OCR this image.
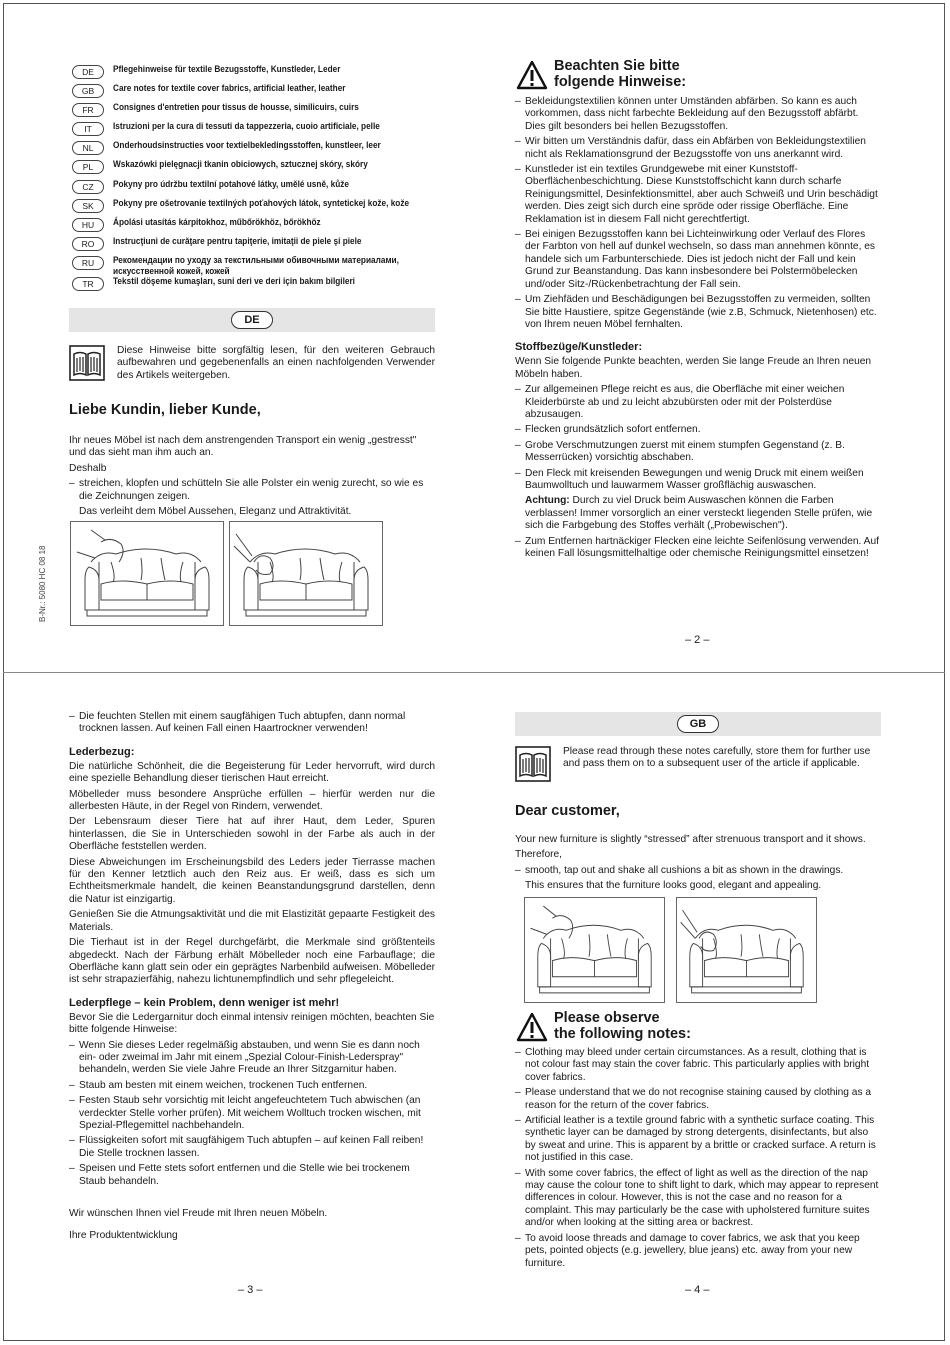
B-Nr.: 5080 HC 08 18
DE	Pflegehinweise für textile Bezugsstoffe, Kunstleder, Leder
GB	Care notes for textile cover fabrics, artificial leather, leather
FR	Consignes d'entretien pour tissus de housse, similicuirs, cuirs
IT	Istruzioni per la cura di tessuti da tappezzeria, cuoio artificiale, pelle
NL	Onderhoudsinstructies voor textielbekledingsstoffen, kunstleer, leer
PL	Wskazówki pielęgnacji tkanin obiciowych, sztucznej skóry, skóry
CZ	Pokyny pro údržbu textilní potahové látky, umělé usně, kůže
SK	Pokyny pre ošetrovanie textilných poťahových látok, syntetickej kože, kože
HU	Ápolási utasítás kárpitokhoz, műbőrökhöz, bőrökhöz
RO	Instrucţiuni de curăţare pentru tapiţerie, imitaţii de piele şi piele
RU	Рекомендации по уходу за текстильными обивочными материалами, искусственной кожей, кожей
TR	Tekstil döşeme kumaşları, suni deri ve deri için bakım bilgileri
DE
Diese Hinweise bitte sorgfältig lesen, für den weiteren Gebrauch aufbewahren und gegebenenfalls an einen nachfolgenden Verwender des Artikels weitergeben.

Liebe Kundin, lieber Kunde,

Ihr neues Möbel ist nach dem anstrengenden Transport ein wenig „gestresst" und das sieht man ihm auch an.

Deshalb

– streichen, klopfen und schütteln Sie alle Polster ein wenig zurecht, so wie es die Zeichnungen zeigen.
Das verleiht dem Möbel Aussehen, Eleganz und Attraktivität.
Beachten Sie bitte
folgende Hinweise:
– Bekleidungstextilien können unter Umständen abfärben. So kann es auch vorkommen, dass nicht farbechte Bekleidung auf den Bezugsstoff abfärbt. Dies gilt besonders bei hellen Bezugsstoffen.
– Wir bitten um Verständnis dafür, dass ein Abfärben von Bekleidungstextilien nicht als Reklamationsgrund der Bezugsstoffe von uns anerkannt wird.
– Kunstleder ist ein textiles Grundgewebe mit einer Kunststoff-Oberflächenbeschichtung. Diese Kunststoffschicht kann durch scharfe Reinigungsmittel, Desinfektionsmittel, aber auch Schweiß und Urin beschädigt werden. Dies zeigt sich durch eine spröde oder rissige Oberfläche. Eine Reklamation ist in diesem Fall nicht gerechtfertigt.
– Bei einigen Bezugsstoffen kann bei Lichteinwirkung oder Verlauf des Flores der Farbton von hell auf dunkel wechseln, so dass man annehmen könnte, es handele sich um Farbunterschiede. Dies ist jedoch nicht der Fall und kein Grund zur Beanstandung. Das kann insbesondere bei Polstermöbelecken und/oder Sitz-/Rückenbetrachtung der Fall sein.
– Um Ziehfäden und Beschädigungen bei Bezugsstoffen zu vermeiden, sollten Sie bitte Haustiere, spitze Gegenstände (wie z.B, Schmuck, Nietenhosen) etc. von Ihrem neuen Möbel fernhalten.

Stoffbezüge/Kunstleder:

Wenn Sie folgende Punkte beachten, werden Sie lange Freude an Ihren neuen Möbeln haben.

– Zur allgemeinen Pflege reicht es aus, die Oberfläche mit einer weichen Kleiderbürste ab und zu leicht abzubürsten oder mit der Polsterdüse abzusaugen.
– Flecken grundsätzlich sofort entfernen.
– Grobe Verschmutzungen zuerst mit einem stumpfen Gegenstand (z. B. Messerrücken) vorsichtig abschaben.
– Den Fleck mit kreisenden Bewegungen und wenig Druck mit einem weißen Baumwolltuch und lauwarmem Wasser großflächig auswaschen.
Achtung: Durch zu viel Druck beim Auswaschen können die Farben verblassen! Immer vorsorglich an einer versteckt liegenden Stelle prüfen, wie sich die Farbgebung des Stoffes verhält („Probewischen").
– Zum Entfernen hartnäckiger Flecken eine leichte Seifenlösung verwenden. Auf keinen Fall lösungsmittelhaltige oder chemische Reinigungsmittel einsetzen!
– 2 –
– Die feuchten Stellen mit einem saugfähigen Tuch abtupfen, dann normal trocknen lassen. Auf keinen Fall einen Haartrockner verwenden!

Lederbezug:

Die natürliche Schönheit, die die Begeisterung für Leder hervorruft, wird durch eine spezielle Behandlung dieser tierischen Haut erreicht.

Möbelleder muss besondere Ansprüche erfüllen – hierfür werden nur die allerbesten Häute, in der Regel von Rindern, verwendet.

Der Lebensraum dieser Tiere hat auf ihrer Haut, dem Leder, Spuren hinterlassen, die Sie in Unterschieden sowohl in der Farbe als auch in der Oberfläche feststellen werden.

Diese Abweichungen im Erscheinungsbild des Leders jeder Tierrasse machen für den Kenner letztlich auch den Reiz aus. Er weiß, dass es sich um Echtheitsmerkmale handelt, die keinen Beanstandungsgrund darstellen, denn die Natur ist einzigartig.

Genießen Sie die Atmungsaktivität und die mit Elastizität gepaarte Festigkeit des Materials.

Die Tierhaut ist in der Regel durchgefärbt, die Merkmale sind größtenteils abgedeckt. Nach der Färbung erhält Möbelleder noch eine Farbauflage; die Oberfläche kann glatt sein oder ein geprägtes Narbenbild aufweisen. Möbelleder ist sehr strapazierfähig, nahezu lichtunempfindlich und sehr pflegeleicht.

Lederpflege – kein Problem, denn weniger ist mehr!

Bevor Sie die Ledergarnitur doch einmal intensiv reinigen möchten, beachten Sie bitte folgende Hinweise:

– Wenn Sie dieses Leder regelmäßig abstauben, und wenn Sie es dann noch ein- oder zweimal im Jahr mit einem „Spezial Colour-Finish-Lederspray" behandeln, werden Sie viele Jahre Freude an Ihrer Sitzgarnitur haben.
– Staub am besten mit einem weichen, trockenen Tuch entfernen.
– Festen Staub sehr vorsichtig mit leicht angefeuchtetem Tuch abwischen (an verdeckter Stelle vorher prüfen). Mit weichem Wolltuch trocken wischen, mit Spezial-Pflegemittel nachbehandeln.
– Flüssigkeiten sofort mit saugfähigem Tuch abtupfen – auf keinen Fall reiben! Die Stelle trocknen lassen.
– Speisen und Fette stets sofort entfernen und die Stelle wie bei trockenem Staub behandeln.

Wir wünschen Ihnen viel Freude mit Ihren neuen Möbeln.

Ihre Produktentwicklung

– 3 –
GB
Please read through these notes carefully, store them for further use and pass them on to a subsequent user of the article if applicable.

Dear customer,

Your new furniture is slightly “stressed” after strenuous transport and it shows.

Therefore,

– smooth, tap out and shake all cushions a bit as shown in the drawings.
This ensures that the furniture looks good, elegant and appealing.
Please observe
the following notes:
– Clothing may bleed under certain circumstances. As a result, clothing that is not colour fast may stain the cover fabric. This particularly applies with bright cover fabrics.
– Please understand that we do not recognise staining caused by clothing as a reason for the return of the cover fabrics.
– Artificial leather is a textile ground fabric with a synthetic surface coating. This synthetic layer can be damaged by strong detergents, disinfectants, but also by sweat and urine. This is apparent by a brittle or cracked surface. A return is not justified in this case.
– With some cover fabrics, the effect of light as well as the direction of the nap may cause the colour tone to shift light to dark, which may appear to represent differences in colour. However, this is not the case and no reason for a complaint. This may particularly be the case with upholstered furniture suites and/or when looking at the sitting area or backrest.
– To avoid loose threads and damage to cover fabrics, we ask that you keep pets, pointed objects (e.g. jewellery, blue jeans) etc. away from your new furniture.
– 4 –
